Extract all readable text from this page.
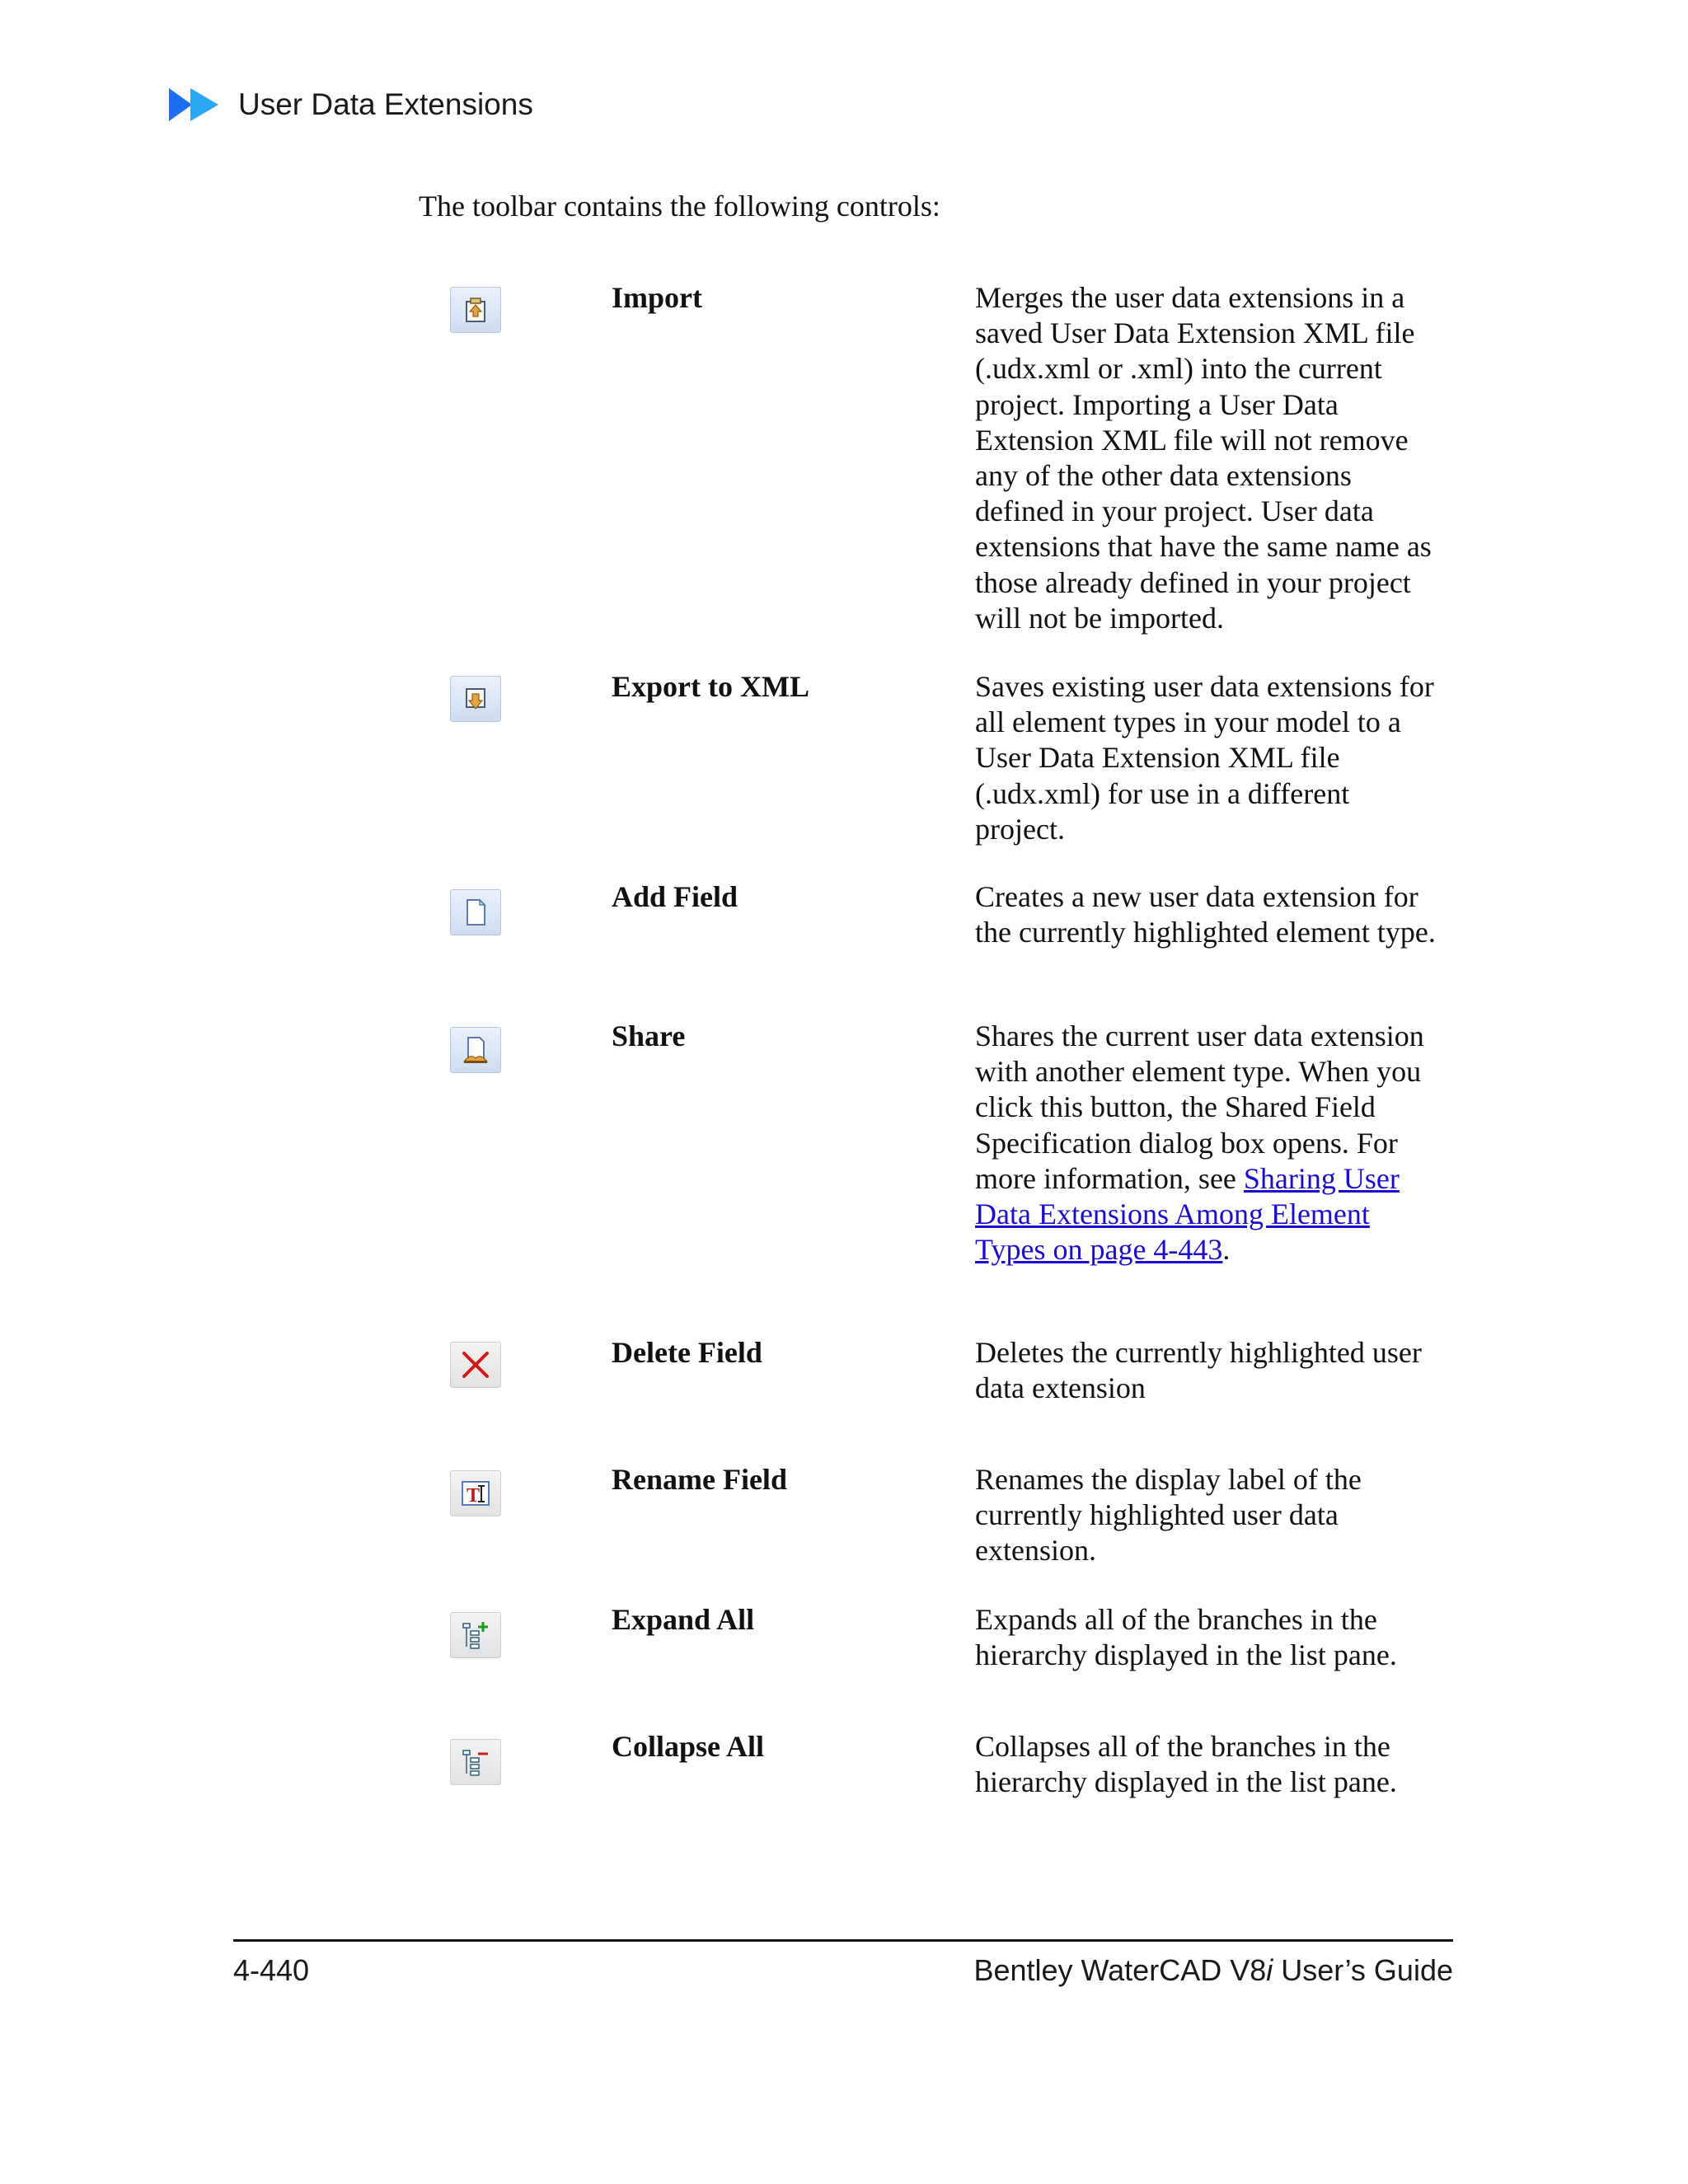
User Data Extensions
The toolbar contains the following controls:
Import	Merges the user data extensions in a saved User Data Extension XML file (.udx.xml or .xml) into the current project. Importing a User Data Extension XML file will not remove any of the other data extensions defined in your project. User data extensions that have the same name as those already defined in your project will not be imported.
Export to XML	Saves existing user data extensions for all element types in your model to a User Data Extension XML file (.udx.xml) for use in a different project.
Add Field	Creates a new user data extension for the currently highlighted element type.
Share	Shares the current user data extension with another element type. When you click this button, the Shared Field Specification dialog box opens. For more information, see Sharing User Data Extensions Among Element Types on page 4-443.
Delete Field	Deletes the currently highlighted user data extension
T	Rename Field	Renames the display label of the currently highlighted user data extension.
Expand All	Expands all of the branches in the hierarchy displayed in the list pane.
Collapse All	Collapses all of the branches in the hierarchy displayed in the list pane.
4-440	Bentley WaterCAD V8i User’s Guide
